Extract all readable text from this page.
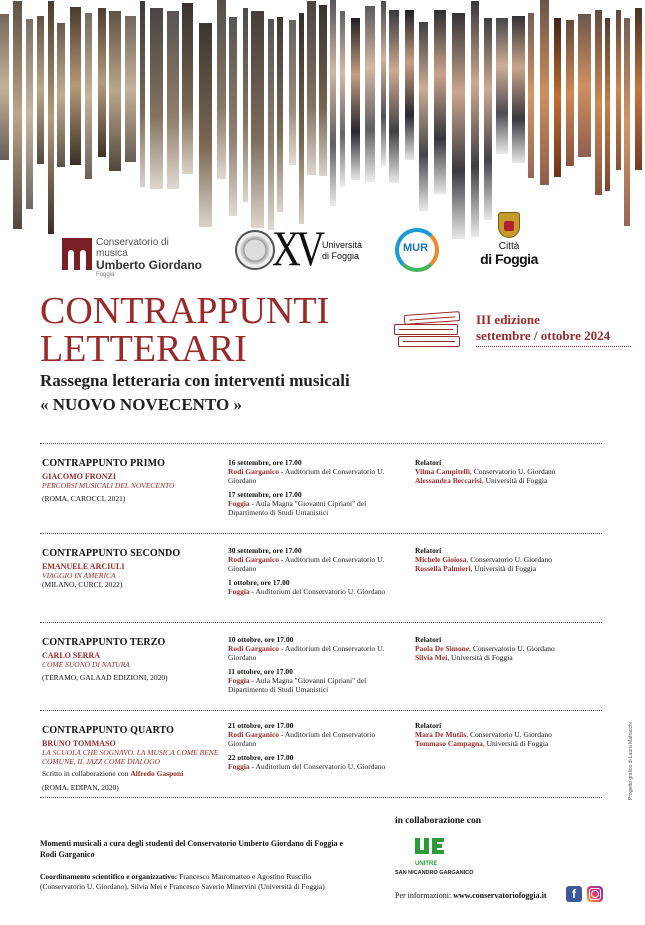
Conservatorio di musica
Umberto Giordano
Foggia	XV Università
di Foggia
MUR	Città
di Foggia
CONTRAPPUNTI
LETTERARI
Rassegna letteraria con interventi musicali
« NUOVO NOVECENTO »
III edizione
settembre / ottobre 2024
CONTRAPPUNTO PRIMO
GIACOMO FRONZI
PERCORSI MUSICALI DEL NOVECENTO
(ROMA, CAROCCI, 2021)
16 settembre, ore 17.00
Rodi Garganico - Auditorium del Conservatorio U. Giordano
17 settembre, ore 17.00
Foggia - Aula Magna "Giovanni Cipriani" del Dipartimento di Studi Umanistici
Relatori
Vilma Campitelli, Conservatorio U. Giordano
Alessandra Beccarisi, Università di Foggia
CONTRAPPUNTO SECONDO
EMANUELE ARCIULI
VIAGGIO IN AMERICA
(MILANO, CURCI, 2022)
30 settembre, ore 17.00
Rodi Garganico - Auditorium del Conservatorio U. Giordano
1 ottobre, ore 17.00
Foggia - Auditorium del Conservatorio U. Giordano
Relatori
Michele Gioiosa, Conservatorio U. Giordano
Rossella Palmieri, Università di Foggia
CONTRAPPUNTO TERZO
CARLO SERRA
COME SUONO DI NATURA
(TERAMO, GALAAD EDIZIONI, 2020)
10 ottobre, ore 17.00
Rodi Garganico - Auditorium del Conservatorio U. Giordano
11 ottobre, ore 17.00
Foggia - Aula Magna "Giovanni Cipriani" del Dipartimento di Studi Umanistici
Relatori
Paola De Simone, Conservatorio U. Giordano
Silvia Mei, Università di Foggia
CONTRAPPUNTO QUARTO
BRUNO TOMMASO
LA SCUOLA CHE SOGNAVO. LA MUSICA COME BENE COMUNE, IL JAZZ COME DIALOGO
Scritto in collaborazione con Alfredo Gasponi
(ROMA, EDIPAN, 2020)
21 ottobre, ore 17.00
Rodi Garganico - Auditorium del Conservatorio Giordano
22 ottobre, ore 17.00
Foggia - Auditorium del Conservatorio U. Giordano
Relatori
Mara De Mutiis, Conservatorio U. Giordano
Tommaso Campagna, Università di Foggia
Momenti musicali a cura degli studenti del Conservatorio Umberto Giordano di Foggia e Rodi Garganico
Coordinamento scientifico e organizzativo: Francesco Matromatteo e Agostino Ruscillo (Conservatorio U. Giordano), Silvia Mei e Francesco Saverio Minervini (Università di Foggia)
in collaborazione con
UNITRE
SAN NICANDRO GARGANICO
Per informazioni: www.conservatoriofoggia.it	f
Progetto grafico di Laura Matracchi
